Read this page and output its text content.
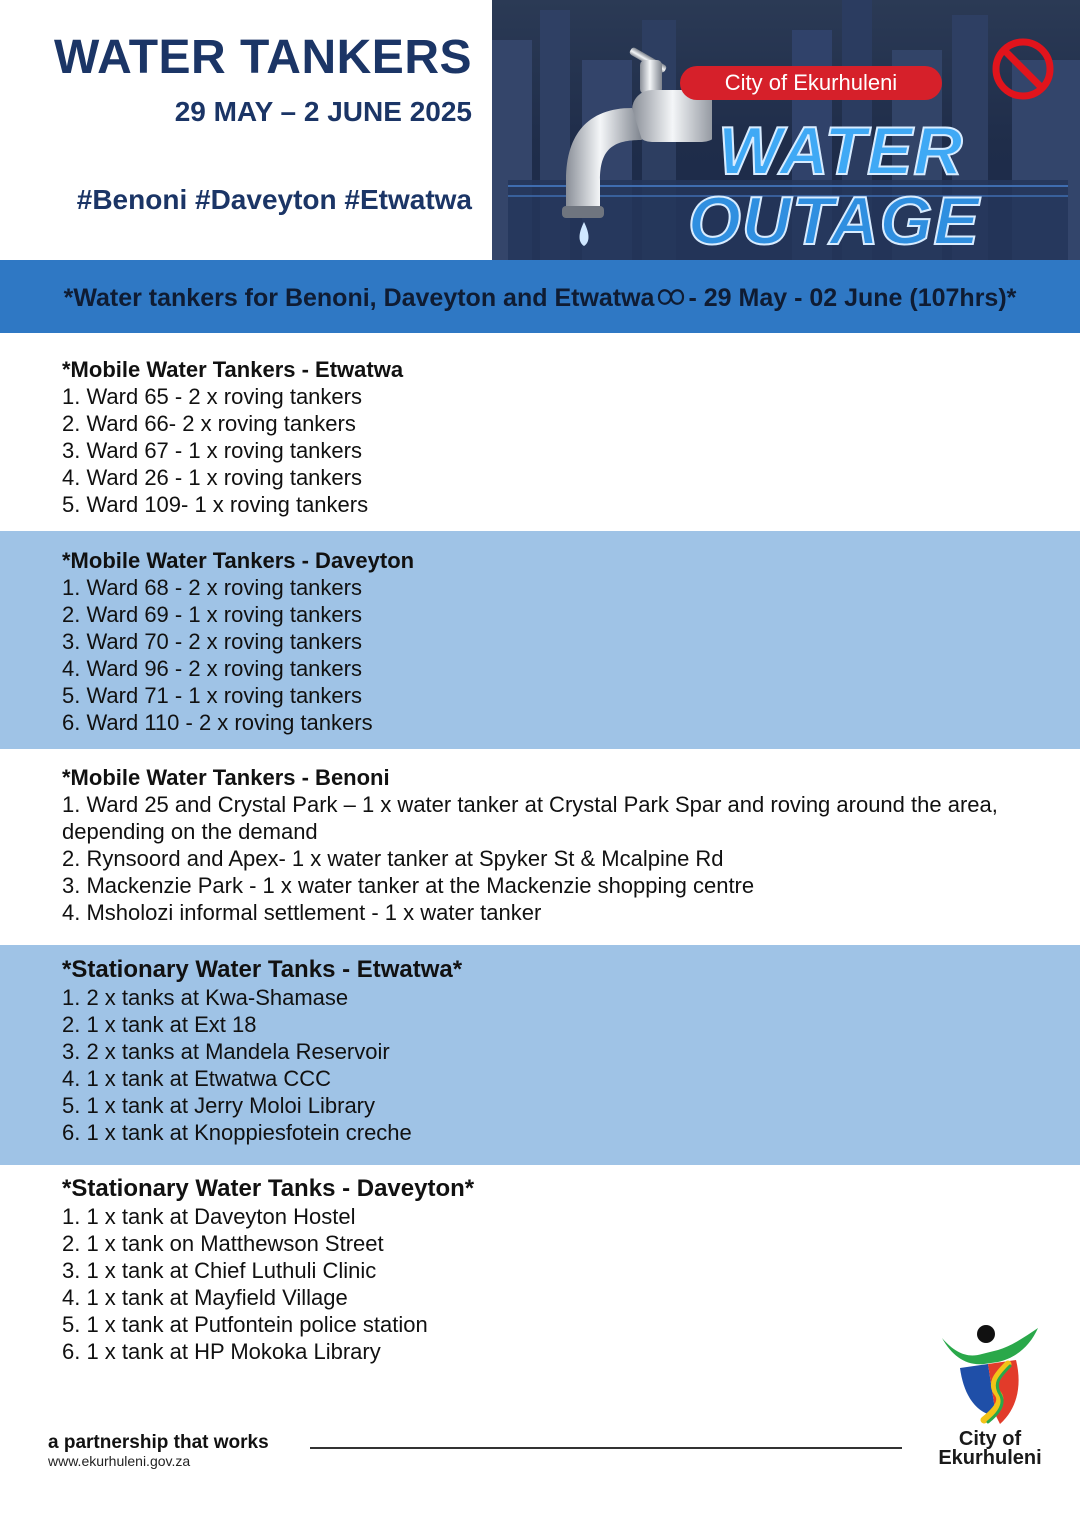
WATER TANKERS
29 MAY – 2 JUNE 2025
#Benoni #Daveyton #Etwatwa
City of Ekurhuleni
WATER
OUTAGE
*Water tankers for Benoni, Daveyton and Etwatwa - 29 May - 02 June (107hrs)*
*Mobile Water Tankers - Etwatwa
1. Ward 65 - 2 x roving tankers
2. Ward 66- 2 x roving tankers
3. Ward 67 - 1 x roving tankers
4. Ward 26 - 1 x roving tankers
5. Ward 109- 1 x roving tankers
*Mobile Water Tankers - Daveyton
1. Ward 68 - 2 x roving tankers
2. Ward 69 - 1 x roving tankers
3. Ward 70 - 2 x roving tankers
4. Ward 96 - 2 x roving tankers
5. Ward 71 - 1 x roving tankers
6. Ward 110 - 2 x roving tankers
*Mobile Water Tankers - Benoni
1. Ward 25 and Crystal Park – 1 x water tanker at Crystal Park Spar and roving around the area, depending on the demand
2. Rynsoord and Apex- 1 x water tanker at Spyker St & Mcalpine Rd
3. Mackenzie Park - 1 x water tanker at the Mackenzie shopping centre
4. Msholozi informal settlement - 1 x water tanker
*Stationary Water Tanks - Etwatwa*
1. 2 x tanks at Kwa-Shamase
2. 1 x tank at Ext 18
3. 2 x tanks at Mandela Reservoir
4. 1 x tank at Etwatwa CCC
5. 1 x tank at Jerry Moloi Library
6. 1 x tank at Knoppiesfotein creche
*Stationary Water Tanks - Daveyton*
1. 1 x tank at Daveyton Hostel
2. 1 x tank on Matthewson Street
3. 1 x tank at Chief Luthuli Clinic
4. 1 x tank at Mayfield Village
5. 1 x tank at Putfontein police station
6. 1 x tank at HP Mokoka Library
a partnership that works
www.ekurhuleni.gov.za
City of
Ekurhuleni
